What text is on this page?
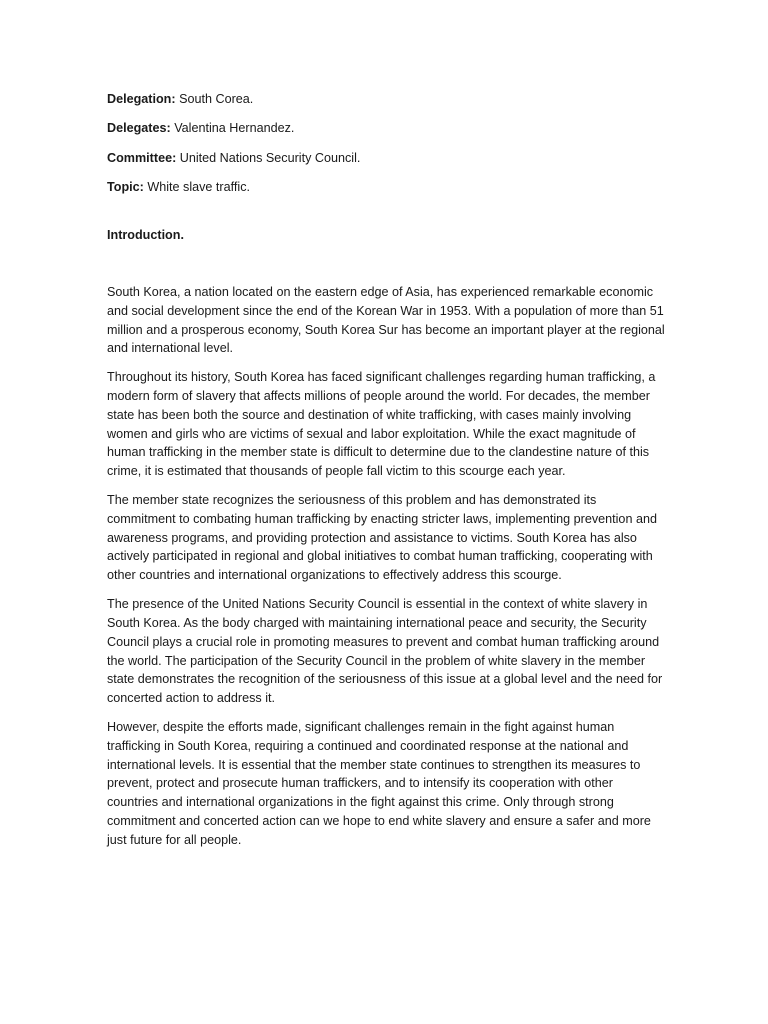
Delegation: South Corea.

Delegates: Valentina Hernandez.

Committee: United Nations Security Council.

Topic: White slave traffic.

Introduction.

South Korea, a nation located on the eastern edge of Asia, has experienced remarkable economic and social development since the end of the Korean War in 1953. With a population of more than 51 million and a prosperous economy, South Korea Sur has become an important player at the regional and international level.

Throughout its history, South Korea has faced significant challenges regarding human trafficking, a modern form of slavery that affects millions of people around the world. For decades, the member state has been both the source and destination of white trafficking, with cases mainly involving women and girls who are victims of sexual and labor exploitation. While the exact magnitude of human trafficking in the member state is difficult to determine due to the clandestine nature of this crime, it is estimated that thousands of people fall victim to this scourge each year.

The member state recognizes the seriousness of this problem and has demonstrated its commitment to combating human trafficking by enacting stricter laws, implementing prevention and awareness programs, and providing protection and assistance to victims. South Korea has also actively participated in regional and global initiatives to combat human trafficking, cooperating with other countries and international organizations to effectively address this scourge.

The presence of the United Nations Security Council is essential in the context of white slavery in South Korea. As the body charged with maintaining international peace and security, the Security Council plays a crucial role in promoting measures to prevent and combat human trafficking around the world. The participation of the Security Council in the problem of white slavery in the member state demonstrates the recognition of the seriousness of this issue at a global level and the need for concerted action to address it.

However, despite the efforts made, significant challenges remain in the fight against human trafficking in South Korea, requiring a continued and coordinated response at the national and international levels. It is essential that the member state continues to strengthen its measures to prevent, protect and prosecute human traffickers, and to intensify its cooperation with other countries and international organizations in the fight against this crime. Only through strong commitment and concerted action can we hope to end white slavery and ensure a safer and more just future for all people.
